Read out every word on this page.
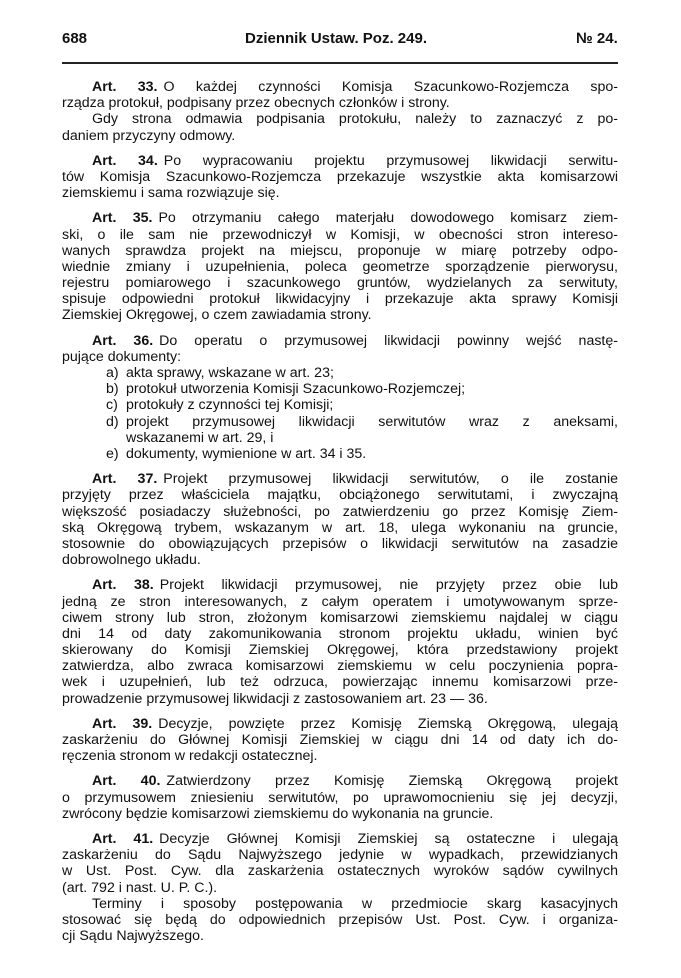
688	Dziennik Ustaw. Poz. 249.	№ 24.
Art. 33. O każdej czynności Komisja Szacunkowo-Rozjemcza spo-
rządza protokuł, podpisany przez obecnych członków i strony.
Gdy strona odmawia podpisania protokułu, należy to zaznaczyć z po-
daniem przyczyny odmowy.
Art. 34. Po wypracowaniu projektu przymusowej likwidacji serwitu-
tów Komisja Szacunkowo-Rozjemcza przekazuje wszystkie akta komisarzowi
ziemskiemu i sama rozwiązuje się.
Art. 35. Po otrzymaniu całego materjału dowodowego komisarz ziem-
ski, o ile sam nie przewodniczył w Komisji, w obecności stron intereso-
wanych sprawdza projekt na miejscu, proponuje w miarę potrzeby odpo-
wiednie zmiany i uzupełnienia, poleca geometrze sporządzenie pierworysu,
rejestru pomiarowego i szacunkowego gruntów, wydzielanych za serwituty,
spisuje odpowiedni protokuł likwidacyjny i przekazuje akta sprawy Komisji
Ziemskiej Okręgowej, o czem zawiadamia strony.
Art. 36. Do operatu o przymusowej likwidacji powinny wejść nastę-
pujące dokumenty:
a) akta sprawy, wskazane w art. 23;
b) protokuł utworzenia Komisji Szacunkowo-Rozjemczej;
c) protokuły z czynności tej Komisji;
d) projekt przymusowej likwidacji serwitutów wraz z aneksami,
wskazanemi w art. 29, i
e) dokumenty, wymienione w art. 34 i 35.
Art. 37. Projekt przymusowej likwidacji serwitutów, o ile zostanie
przyjęty przez właściciela majątku, obciążonego serwitutami, i zwyczajną
większość posiadaczy służebności, po zatwierdzeniu go przez Komisję Ziem-
ską Okręgową trybem, wskazanym w art. 18, ulega wykonaniu na gruncie,
stosownie do obowiązujących przepisów o likwidacji serwitutów na zasadzie
dobrowolnego układu.
Art. 38. Projekt likwidacji przymusowej, nie przyjęty przez obie lub
jedną ze stron interesowanych, z całym operatem i umotywowanym sprze-
ciwem strony lub stron, złożonym komisarzowi ziemskiemu najdalej w ciągu
dni 14 od daty zakomunikowania stronom projektu układu, winien być
skierowany do Komisji Ziemskiej Okręgowej, która przedstawiony projekt
zatwierdza, albo zwraca komisarzowi ziemskiemu w celu poczynienia popra-
wek i uzupełnień, lub też odrzuca, powierzając innemu komisarzowi prze-
prowadzenie przymusowej likwidacji z zastosowaniem art. 23 — 36.
Art. 39. Decyzje, powzięte przez Komisję Ziemską Okręgową, ulegają
zaskarżeniu do Głównej Komisji Ziemskiej w ciągu dni 14 od daty ich do-
ręczenia stronom w redakcji ostatecznej.
Art. 40. Zatwierdzony przez Komisję Ziemską Okręgową projekt
o przymusowem zniesieniu serwitutów, po uprawomocnieniu się jej decyzji,
zwrócony będzie komisarzowi ziemskiemu do wykonania na gruncie.
Art. 41. Decyzje Głównej Komisji Ziemskiej są ostateczne i ulegają
zaskarżeniu do Sądu Najwyższego jedynie w wypadkach, przewidzianych
w Ust. Post. Cyw. dla zaskarżenia ostatecznych wyroków sądów cywilnych
(art. 792 i nast. U. P. C.).
Terminy i sposoby postępowania w przedmiocie skarg kasacyjnych
stosować się będą do odpowiednich przepisów Ust. Post. Cyw. i organiza-
cji Sądu Najwyższego.
